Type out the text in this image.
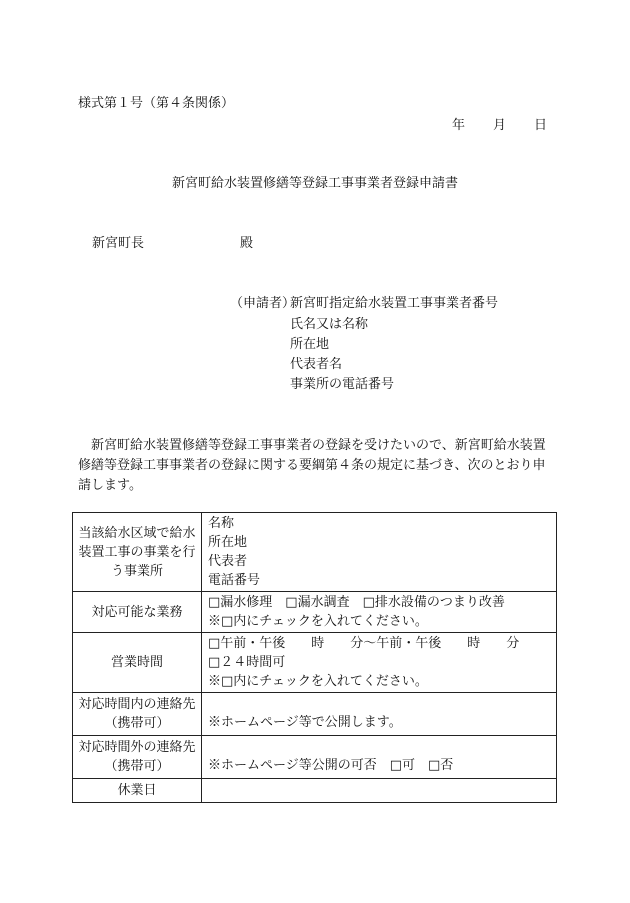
様式第１号（第４条関係）
年 月 日
新宮町給水装置修繕等登録工事事業者登録申請書
新宮町長	殿
（申請者）
新宮町指定給水装置工事事業者番号
氏名又は名称
所在地
代表者名
事業所の電話番号
新宮町給水装置修繕等登録工事事業者の登録を受けたいので、新宮町給水装置修繕等登録工事事業者の登録に関する要綱第４条の規定に基づき、次のとおり申請します。
当該給水区域で給水装置工事の事業を行う事業所	名称
所在地
代表者
電話番号

対応可能な業務	□漏水修理　□漏水調査　□排水設備のつまり改善
※□内にチェックを入れてください。

営業時間	□午前・午後　　時　　分～午前・午後　　時　　分
□２４時間可
※□内にチェックを入れてください。

対応時間内の連絡先
（携帯可）	※ホームページ等で公開します。

対応時間外の連絡先
（携帯可）	※ホームページ等公開の可否　□可　□否

休業日	
